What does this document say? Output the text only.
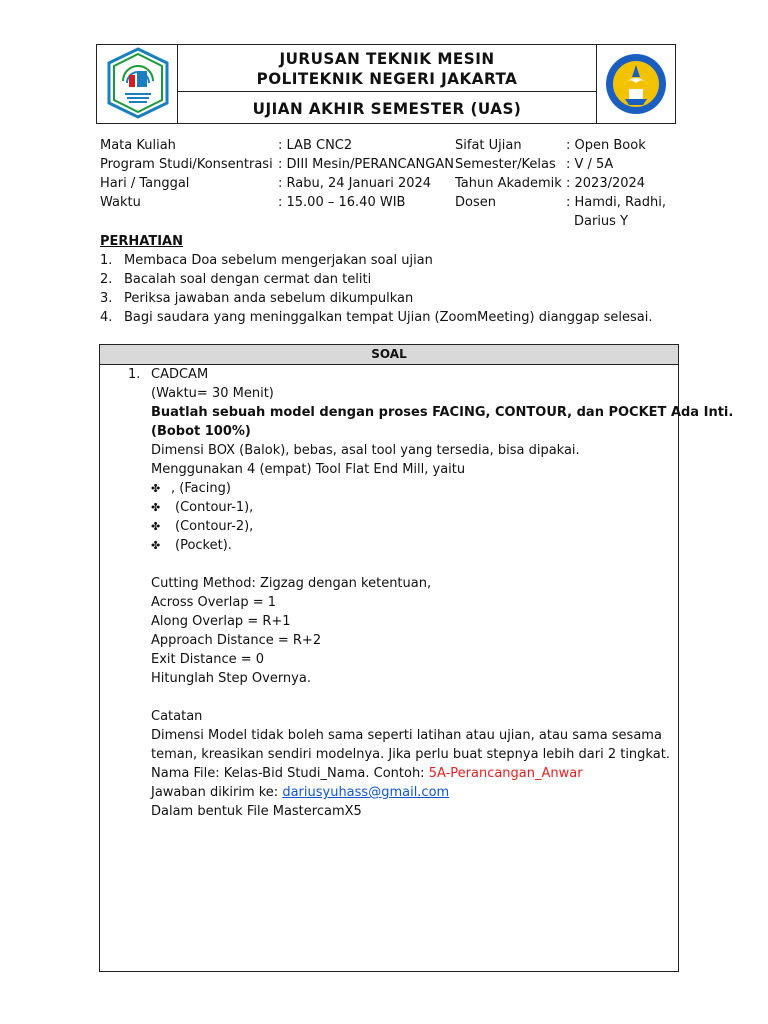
JURUSAN TEKNIK MESIN
POLITEKNIK NEGERI JAKARTA
UJIAN AKHIR SEMESTER (UAS)
Mata Kuliah	: LAB CNC2	Sifat Ujian	: Open Book
Program Studi/Konsentrasi : DIII Mesin/PERANCANGAN Semester/Kelas : V / 5A
Hari / Tanggal	: Rabu, 24 Januari 2024 Tahun Akademik : 2023/2024
Waktu	: 15.00 – 16.40 WIB	Dosen	: Hamdi, Radhi,
Darius Y
PERHATIAN
1. Membaca Doa sebelum mengerjakan soal ujian
2. Bacalah soal dengan cermat dan teliti
3. Periksa jawaban anda sebelum dikumpulkan
4. Bagi saudara yang meninggalkan tempat Ujian (ZoomMeeting) dianggap selesai.
SOAL
1. CADCAM
(Waktu= 30 Menit)
Buatlah sebuah model dengan proses FACING, CONTOUR, dan POCKET Ada Inti.
(Bobot 100%)
Dimensi BOX (Balok), bebas, asal tool yang tersedia, bisa dipakai.
Menggunakan 4 (empat) Tool Flat End Mill, yaitu
✤ , (Facing)
✤ (Contour-1),
✤ (Contour-2),
✤ (Pocket).
Cutting Method: Zigzag dengan ketentuan,
Across Overlap = 1
Along Overlap = R+1
Approach Distance = R+2
Exit Distance = 0
Hitunglah Step Overnya.
Catatan
Dimensi Model tidak boleh sama seperti latihan atau ujian, atau sama sesama
teman, kreasikan sendiri modelnya. Jika perlu buat stepnya lebih dari 2 tingkat.
Nama File: Kelas-Bid Studi_Nama. Contoh: 5A-Perancangan_Anwar
Jawaban dikirim ke: dariusyuhass@gmail.com
Dalam bentuk File MastercamX5
